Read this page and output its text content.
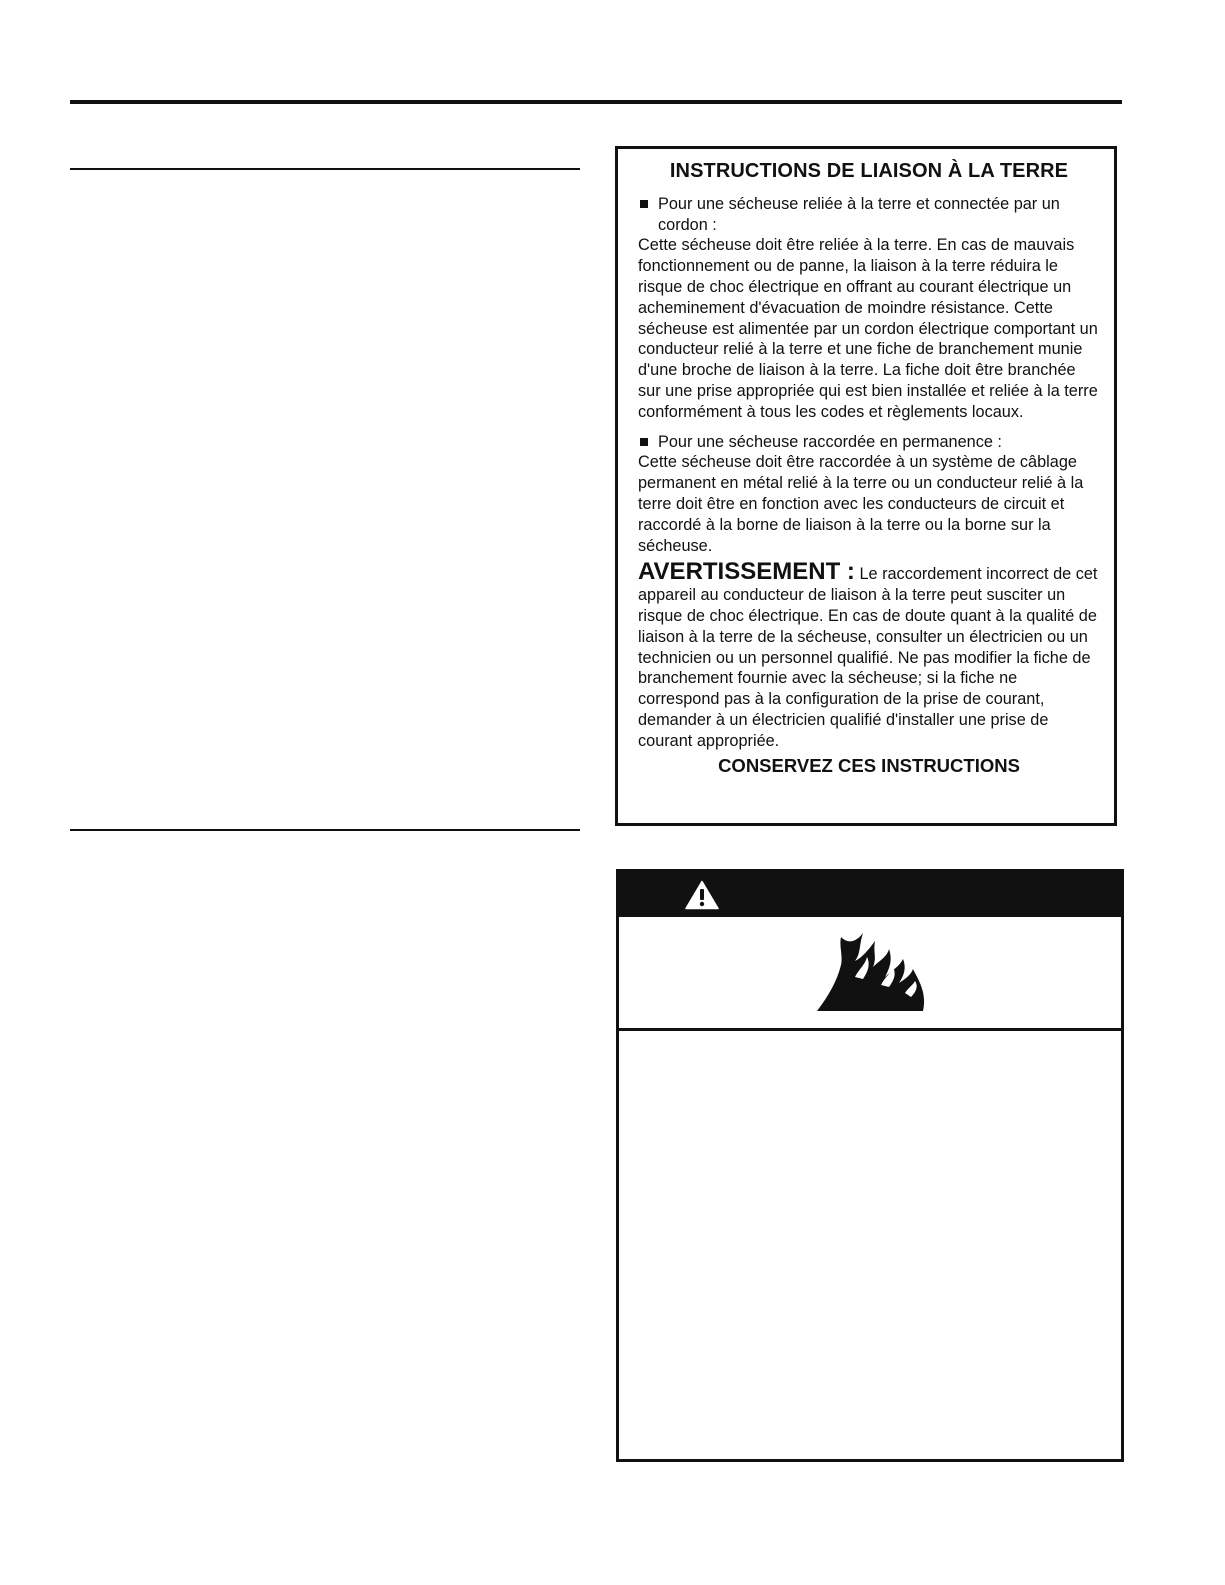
INSTRUCTIONS DE LIAISON À LA TERRE
Pour une sécheuse reliée à la terre et connectée par un cordon :

Cette sécheuse doit être reliée à la terre. En cas de mauvais fonctionnement ou de panne, la liaison à la terre réduira le risque de choc électrique en offrant au courant électrique un acheminement d'évacuation de moindre résistance. Cette sécheuse est alimentée par un cordon électrique comportant un conducteur relié à la terre et une fiche de branchement munie d'une broche de liaison à la terre. La fiche doit être branchée sur une prise appropriée qui est bien installée et reliée à la terre conformément à tous les codes et règlements locaux.

Pour une sécheuse raccordée en permanence :

Cette sécheuse doit être raccordée à un système de câblage permanent en métal relié à la terre ou un conducteur relié à la terre doit être en fonction avec les conducteurs de circuit et raccordé à la borne de liaison à la terre ou la borne sur la sécheuse.

AVERTISSEMENT : Le raccordement incorrect de cet appareil au conducteur de liaison à la terre peut susciter un risque de choc électrique. En cas de doute quant à la qualité de liaison à la terre de la sécheuse, consulter un électricien ou un technicien ou un personnel qualifié. Ne pas modifier la fiche de branchement fournie avec la sécheuse; si la fiche ne correspond pas à la configuration de la prise de courant, demander à un électricien qualifié d'installer une prise de courant appropriée.

CONSERVEZ CES INSTRUCTIONS
